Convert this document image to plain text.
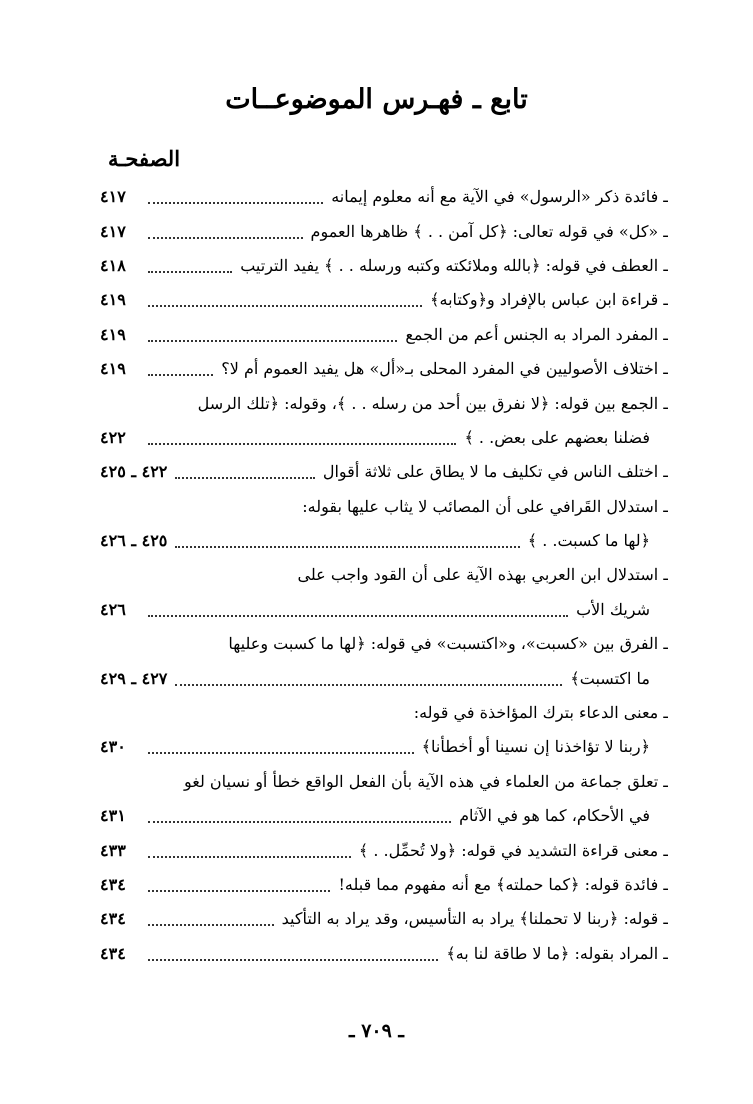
تابع ـ فهـرس الموضوعــات
الصفحـة
ـ فائدة ذكر «الرسول» في الآية مع أنه معلوم إيمانه
٤١٧
ـ «كل» في قوله تعالى: ﴿كل آمن . . ﴾ ظاهرها العموم
٤١٧
ـ العطف في قوله: ﴿بالله وملائكته وكتبه ورسله . . ﴾ يفيد الترتيب
٤١٨
ـ قراءة ابن عباس بالإفراد و﴿وكتابه﴾
٤١٩
ـ المفرد المراد به الجنس أعم من الجمع
٤١٩
ـ اختلاف الأصوليين في المفرد المحلى بـ«أل» هل يفيد العموم أم لا؟
٤١٩
ـ الجمع بين قوله: ﴿لا نفرق بين أحد من رسله . . ﴾، وقوله: ﴿تلك الرسل
فضلنا بعضهم على بعض. . ﴾
٤٢٢
ـ اختلف الناس في تكليف ما لا يطاق على ثلاثة أقوال
٤٢٢ ـ ٤٢٥
ـ استدلال القَرافي على أن المصائب لا يثاب عليها بقوله:
﴿لها ما كسبت. . ﴾
٤٢٥ ـ ٤٢٦
ـ استدلال ابن العربي بهذه الآية على أن القود واجب على
شريك الأب
٤٢٦
ـ الفرق بين «كسبت»، و«اكتسبت» في قوله: ﴿لها ما كسبت وعليها
ما اكتسبت﴾
٤٢٧ ـ ٤٢٩
ـ معنى الدعاء بترك المؤاخذة في قوله:
﴿ربنا لا تؤاخذنا إن نسينا أو أخطأنا﴾
٤٣٠
ـ تعلق جماعة من العلماء في هذه الآية بأن الفعل الواقع خطأ أو نسيان لغو
في الأحكام، كما هو في الآثام
٤٣١
ـ معنى قراءة التشديد في قوله: ﴿ولا تُحمِّل. . ﴾
٤٣٣
ـ فائدة قوله: ﴿كما حملته﴾ مع أنه مفهوم مما قبله!
٤٣٤
ـ قوله: ﴿ربنا لا تحملنا﴾ يراد به التأسيس، وقد يراد به التأكيد
٤٣٤
ـ المراد بقوله: ﴿ما لا طاقة لنا به﴾
٤٣٤
ـ ٧٠٩ ـ
